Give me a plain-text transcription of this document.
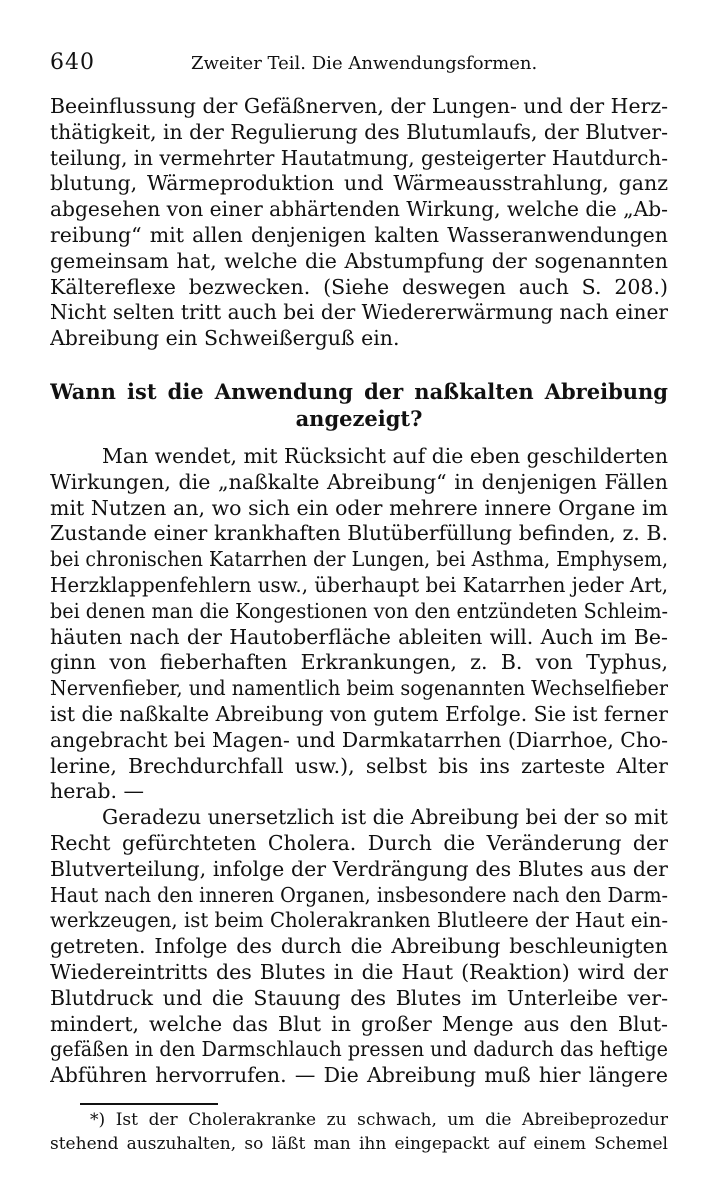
640	Zweiter Teil. Die Anwendungsformen.
Beeinflussung der Gefäßnerven, der Lungen- und der Herz-
thätigkeit, in der Regulierung des Blutumlaufs, der Blutver-
teilung, in vermehrter Hautatmung, gesteigerter Hautdurch-
blutung, Wärmeproduktion und Wärmeausstrahlung, ganz
abgesehen von einer abhärtenden Wirkung, welche die „Ab-
reibung“ mit allen denjenigen kalten Wasseranwendungen
gemeinsam hat, welche die Abstumpfung der sogenannten
Kältereflexe bezwecken. (Siehe deswegen auch S. 208.)
Nicht selten tritt auch bei der Wiedererwärmung nach einer
Abreibung ein Schweißerguß ein.
Wann ist die Anwendung der naßkalten Abreibung
angezeigt?
Man wendet, mit Rücksicht auf die eben geschilderten
Wirkungen, die „naßkalte Abreibung“ in denjenigen Fällen
mit Nutzen an, wo sich ein oder mehrere innere Organe im
Zustande einer krankhaften Blutüberfüllung befinden, z. B.
bei chronischen Katarrhen der Lungen, bei Asthma, Emphysem,
Herzklappenfehlern usw., überhaupt bei Katarrhen jeder Art,
bei denen man die Kongestionen von den entzündeten Schleim-
häuten nach der Hautoberfläche ableiten will. Auch im Be-
ginn von fieberhaften Erkrankungen, z. B. von Typhus,
Nervenfieber, und namentlich beim sogenannten Wechselfieber
ist die naßkalte Abreibung von gutem Erfolge. Sie ist ferner
angebracht bei Magen- und Darmkatarrhen (Diarrhoe, Cho-
lerine, Brechdurchfall usw.), selbst bis ins zarteste Alter
herab. —
Geradezu unersetzlich ist die Abreibung bei der so mit
Recht gefürchteten Cholera. Durch die Veränderung der
Blutverteilung, infolge der Verdrängung des Blutes aus der
Haut nach den inneren Organen, insbesondere nach den Darm-
werkzeugen, ist beim Cholerakranken Blutleere der Haut ein-
getreten. Infolge des durch die Abreibung beschleunigten
Wiedereintritts des Blutes in die Haut (Reaktion) wird der
Blutdruck und die Stauung des Blutes im Unterleibe ver-
mindert, welche das Blut in großer Menge aus den Blut-
gefäßen in den Darmschlauch pressen und dadurch das heftige
Abführen hervorrufen. — Die Abreibung muß hier längere
*) Ist der Cholerakranke zu schwach, um die Abreibeprozedur
stehend auszuhalten, so läßt man ihn eingepackt auf einem Schemel
